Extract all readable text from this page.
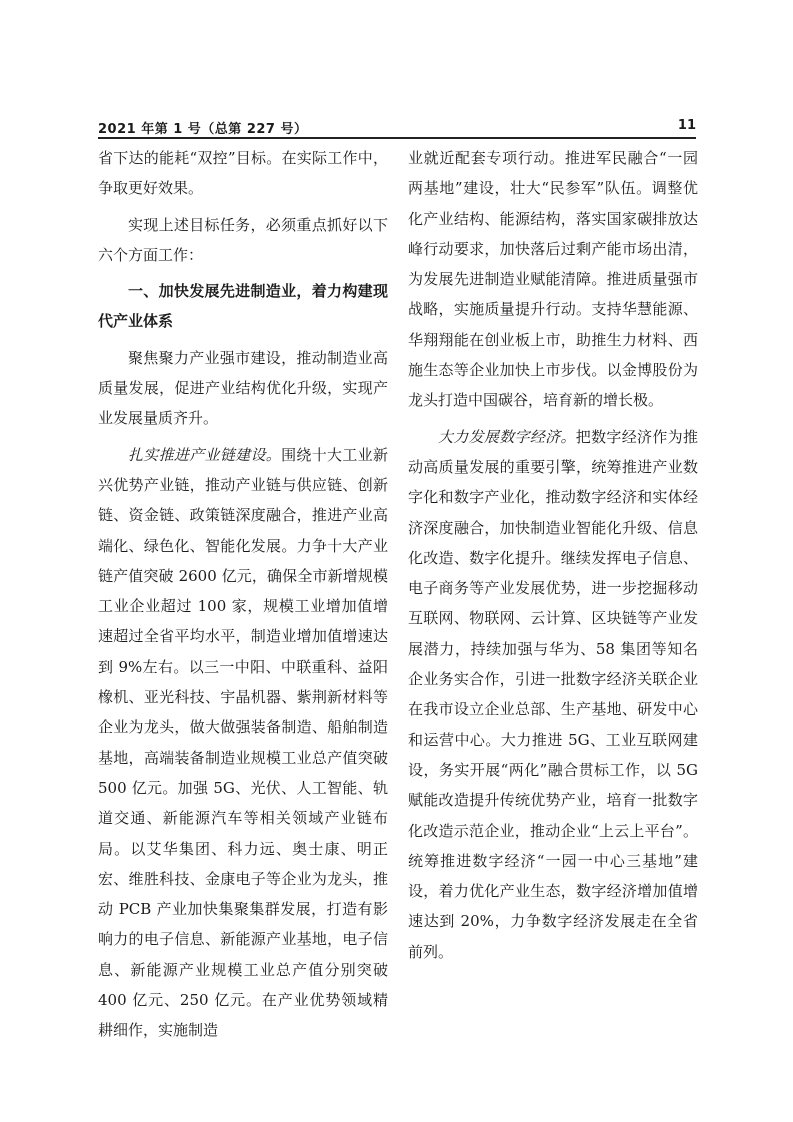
2021 年第 1 号（总第 227 号）	11

省下达的能耗“双控”目标。在实际工作中，争取更好效果。

实现上述目标任务，必须重点抓好以下六个方面工作：

一、加快发展先进制造业，着力构建现代产业体系

聚焦聚力产业强市建设，推动制造业高质量发展，促进产业结构优化升级，实现产业发展量质齐升。

扎实推进产业链建设。围绕十大工业新兴优势产业链，推动产业链与供应链、创新链、资金链、政策链深度融合，推进产业高端化、绿色化、智能化发展。力争十大产业链产值突破 2600 亿元，确保全市新增规模工业企业超过 100 家，规模工业增加值增速超过全省平均水平，制造业增加值增速达到 9%左右。以三一中阳、中联重科、益阳橡机、亚光科技、宇晶机器、紫荆新材料等企业为龙头，做大做强装备制造、船舶制造基地，高端装备制造业规模工业总产值突破 500 亿元。加强 5G、光伏、人工智能、轨道交通、新能源汽车等相关领域产业链布局。以艾华集团、科力远、奥士康、明正宏、维胜科技、金康电子等企业为龙头，推动 PCB 产业加快集聚集群发展，打造有影响力的电子信息、新能源产业基地，电子信息、新能源产业规模工业总产值分别突破 400 亿元、250 亿元。在产业优势领域精耕细作，实施制造

业就近配套专项行动。推进军民融合“一园两基地”建设，壮大“民参军”队伍。调整优化产业结构、能源结构，落实国家碳排放达峰行动要求，加快落后过剩产能市场出清，为发展先进制造业赋能清障。推进质量强市战略，实施质量提升行动。支持华慧能源、华翔翔能在创业板上市，助推生力材料、西施生态等企业加快上市步伐。以金博股份为龙头打造中国碳谷，培育新的增长极。

大力发展数字经济。把数字经济作为推动高质量发展的重要引擎，统筹推进产业数字化和数字产业化，推动数字经济和实体经济深度融合，加快制造业智能化升级、信息化改造、数字化提升。继续发挥电子信息、电子商务等产业发展优势，进一步挖掘移动互联网、物联网、云计算、区块链等产业发展潜力，持续加强与华为、58 集团等知名企业务实合作，引进一批数字经济关联企业在我市设立企业总部、生产基地、研发中心和运营中心。大力推进 5G、工业互联网建设，务实开展“两化”融合贯标工作，以 5G 赋能改造提升传统优势产业，培育一批数字化改造示范企业，推动企业“上云上平台”。统筹推进数字经济“一园一中心三基地”建设，着力优化产业生态，数字经济增加值增速达到 20%，力争数字经济发展走在全省前列。
